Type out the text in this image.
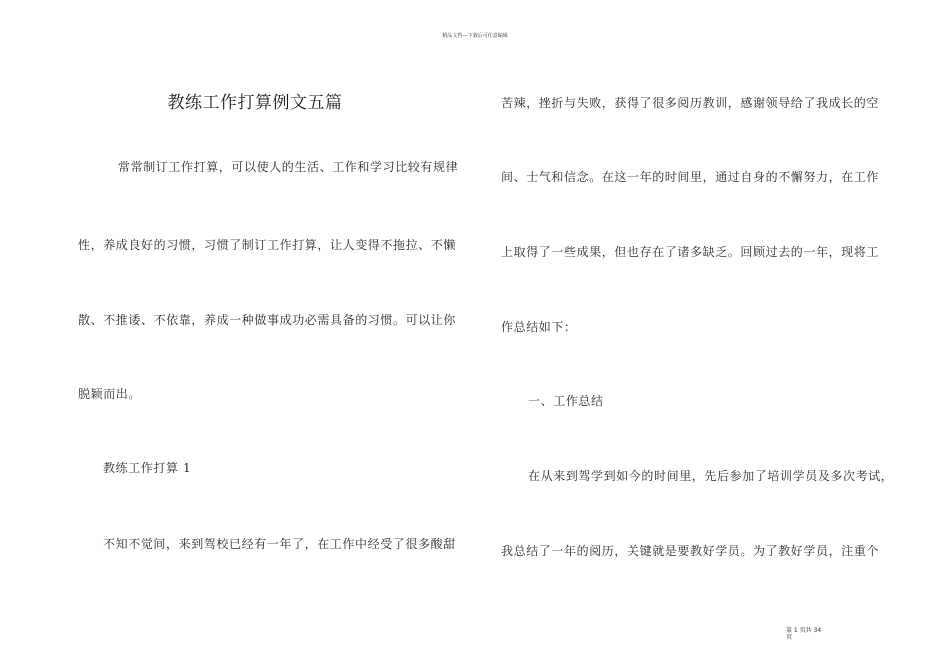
精品文档---下载后可任意编辑
教练工作打算例文五篇
常常制订工作打算，可以使人的生活、工作和学习比较有规律
性，养成良好的习惯，习惯了制订工作打算，让人变得不拖拉、不懒
散、不推诿、不依靠，养成一种做事成功必需具备的习惯。可以让你
脱颖而出。
教练工作打算 1
不知不觉间，来到驾校已经有一年了，在工作中经受了很多酸甜
苦辣，挫折与失败，获得了很多阅历教训，感谢领导给了我成长的空
间、士气和信念。在这一年的时间里，通过自身的不懈努力，在工作
上取得了一些成果，但也存在了诸多缺乏。回顾过去的一年，现将工
作总结如下：
一、工作总结
在从来到驾学到如今的时间里，先后参加了培训学员及多次考试，
我总结了一年的阅历，关键就是要教好学员。为了教好学员，注重个
第 1 页共 34
页
